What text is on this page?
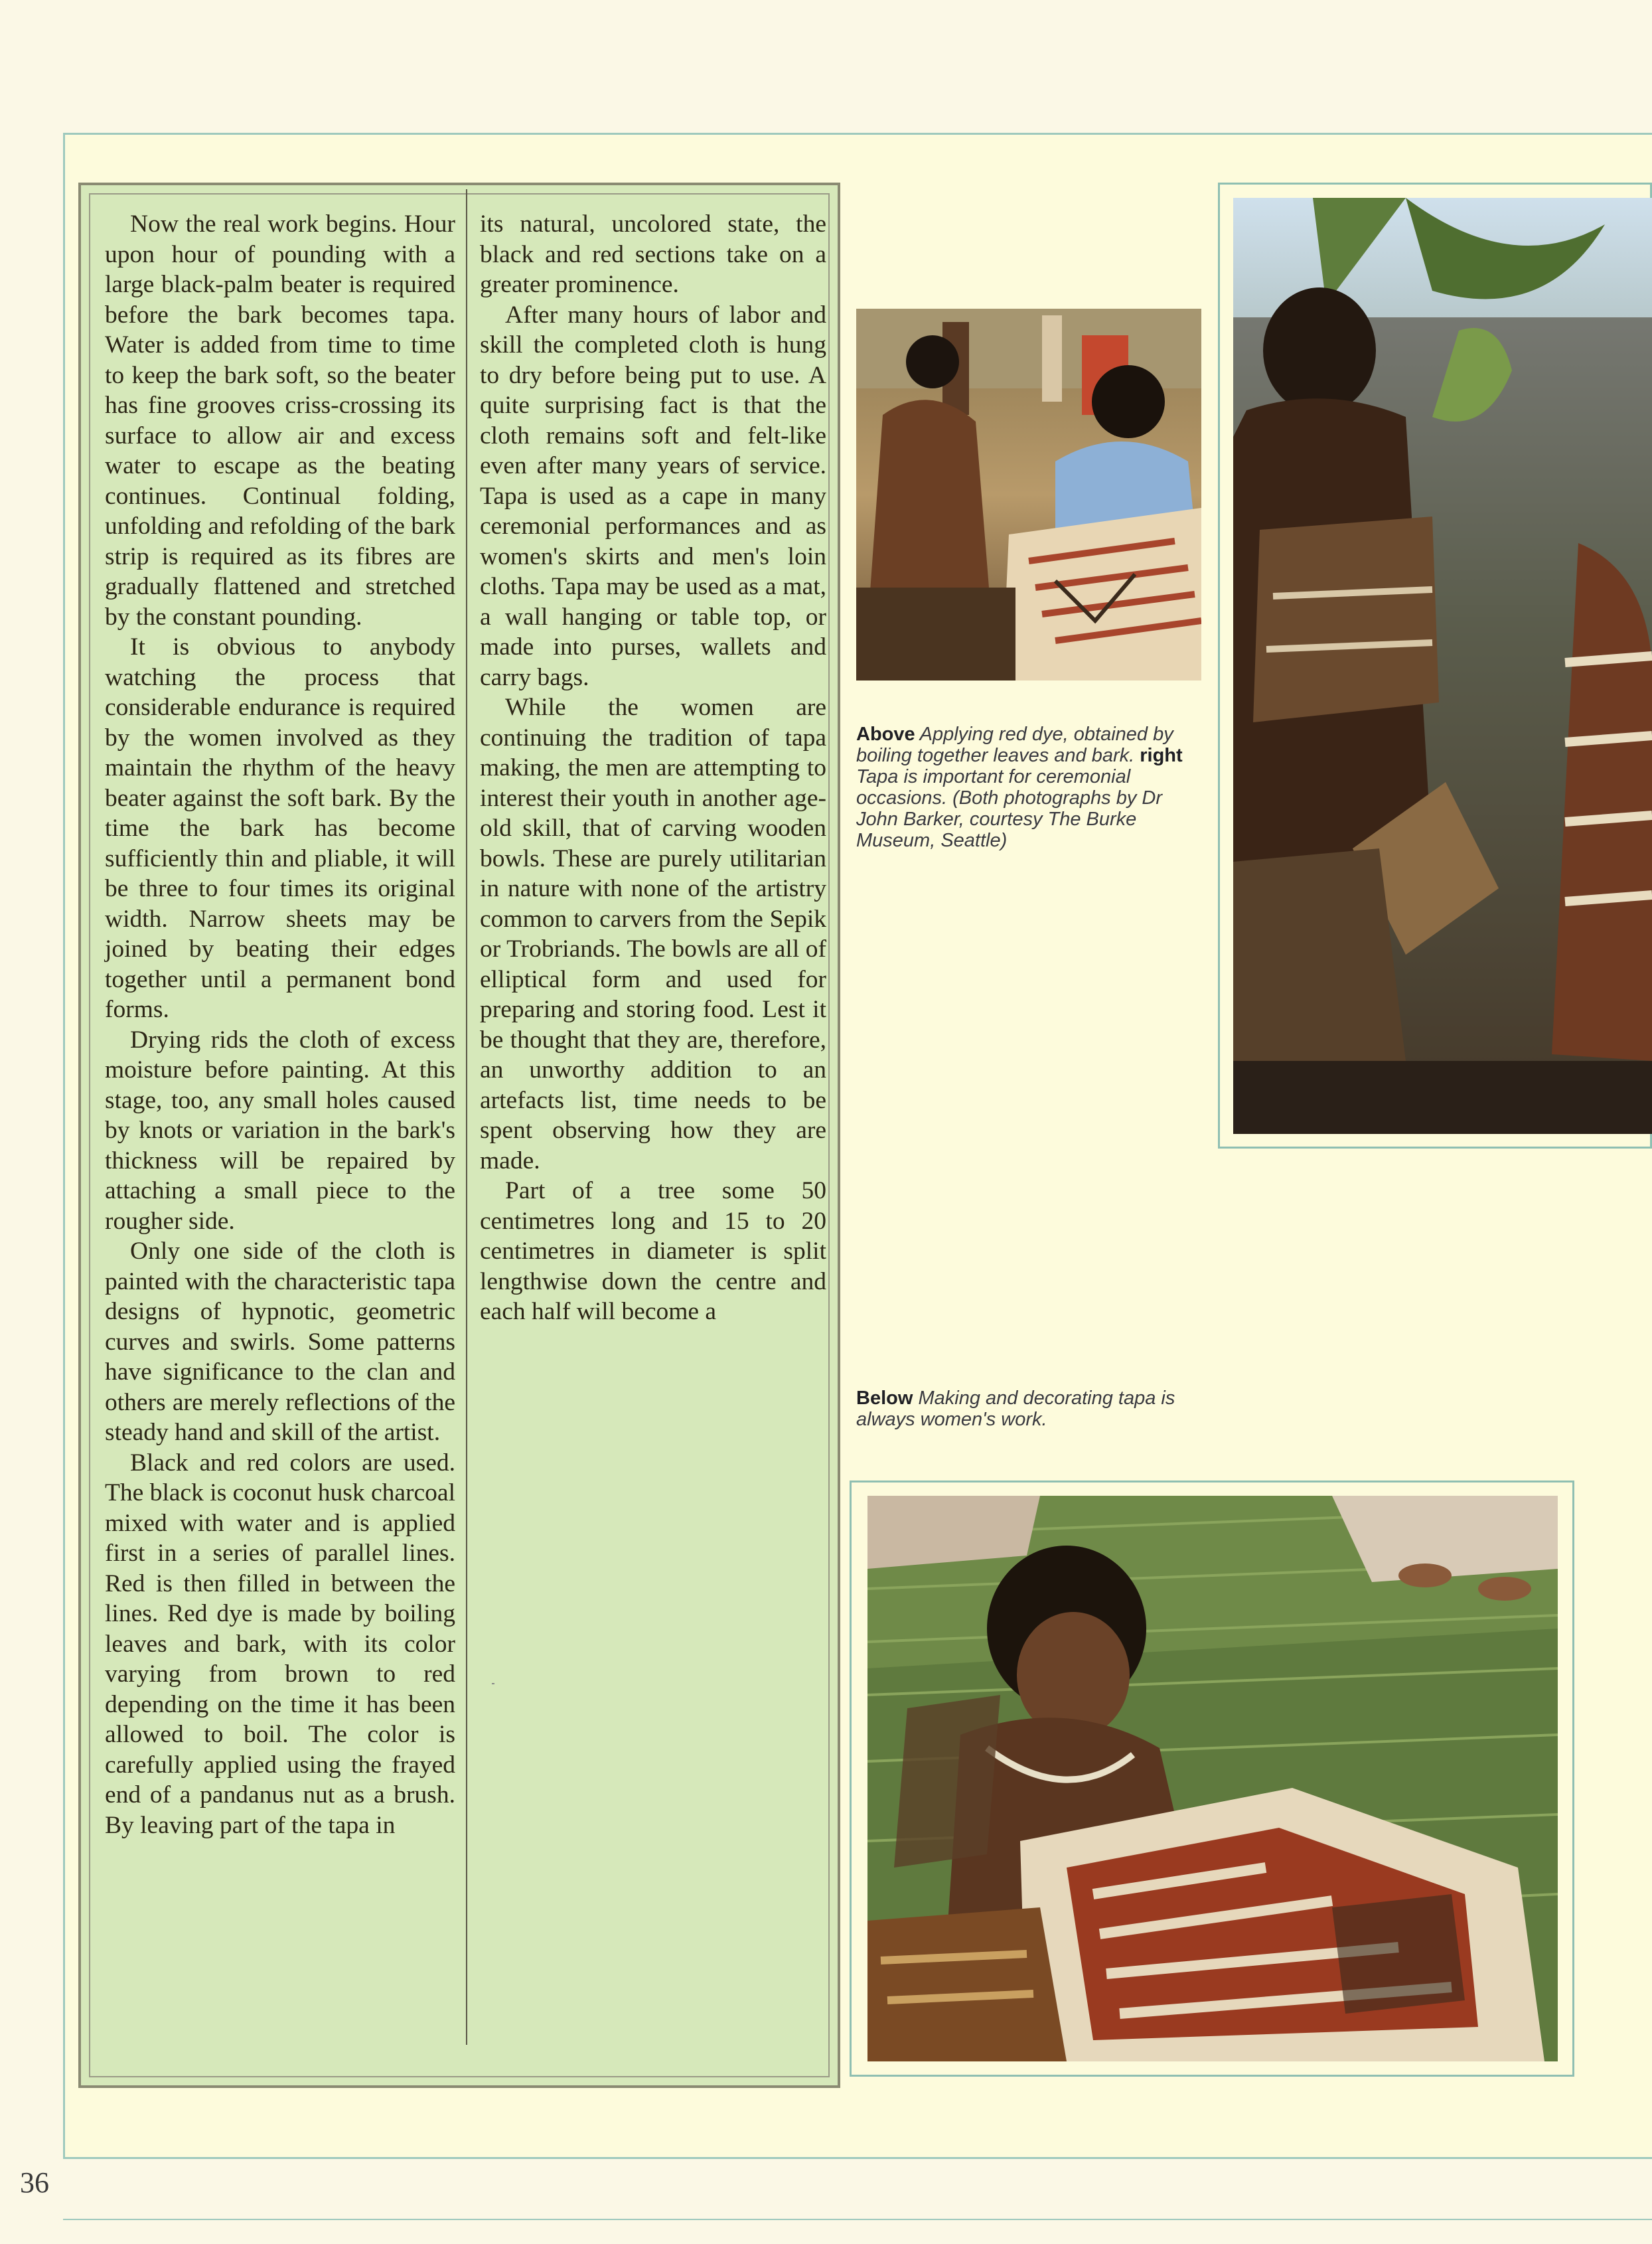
Now the real work begins. Hour upon hour of pounding with a large black-palm beater is required before the bark becomes tapa. Water is added from time to time to keep the bark soft, so the beater has fine grooves criss-crossing its surface to allow air and excess water to escape as the beating continues. Continual folding, unfolding and refolding of the bark strip is required as its fibres are gradually flattened and stretched by the constant pounding.

It is obvious to anybody watching the process that considerable endurance is required by the women involved as they maintain the rhythm of the heavy beater against the soft bark. By the time the bark has become sufficiently thin and pliable, it will be three to four times its original width. Narrow sheets may be joined by beating their edges together until a permanent bond forms.

Drying rids the cloth of excess moisture before painting. At this stage, too, any small holes caused by knots or variation in the bark's thickness will be repaired by attaching a small piece to the rougher side.

Only one side of the cloth is painted with the characteristic tapa designs of hypnotic, geometric curves and swirls. Some patterns have significance to the clan and others are merely reflections of the steady hand and skill of the artist.

Black and red colors are used. The black is coconut husk charcoal mixed with water and is applied first in a series of parallel lines. Red is then filled in between the lines. Red dye is made by boiling leaves and bark, with its color varying from brown to red depending on the time it has been allowed to boil. The color is carefully applied using the frayed end of a pandanus nut as a brush. By leaving part of the tapa in

its natural, uncolored state, the black and red sections take on a greater prominence.

After many hours of labor and skill the completed cloth is hung to dry before being put to use. A quite surprising fact is that the cloth remains soft and felt-like even after many years of service. Tapa is used as a cape in many ceremonial performances and as women's skirts and men's loin cloths. Tapa may be used as a mat, a wall hanging or table top, or made into purses, wallets and carry bags.

While the women are continuing the tradition of tapa making, the men are attempting to interest their youth in another age-old skill, that of carving wooden bowls. These are purely utilitarian in nature with none of the artistry common to carvers from the Sepik or Trobriands. The bowls are all of elliptical form and used for preparing and storing food. Lest it be thought that they are, therefore, an unworthy addition to an artefacts list, time needs to be spent observing how they are made.

Part of a tree some 50 centimetres long and 15 to 20 centimetres in diameter is split lengthwise down the centre and each half will become a

Above Applying red dye, obtained by boiling together leaves and bark. right Tapa is important for ceremonial occasions. (Both photographs by Dr John Barker, courtesy The Burke Museum, Seattle)
Below Making and decorating tapa is always women's work.
36
